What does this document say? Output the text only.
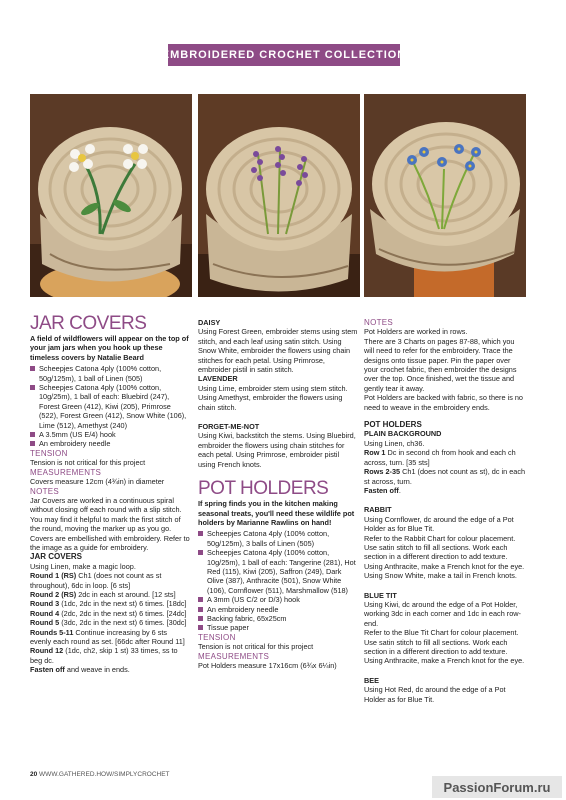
EMBROIDERED CROCHET COLLECTION

JAR COVERS

A field of wildflowers will appear on the top of your jam jars when you hook up these timeless covers by Natalie Beard

Scheepjes Catona 4ply (100% cotton, 50g/125m), 1 ball of Linen (505)

Scheepjes Catona 4ply (100% cotton, 10g/25m), 1 ball of each: Bluebird (247), Forest Green (412), Kiwi (205), Primrose (522), Forest Green (412), Snow White (106), Lime (512), Amethyst (240)

A 3.5mm (US E/4) hook

An embroidery needle

TENSION

Tension is not critical for this project

MEASUREMENTS

Covers measure 12cm (4¾in) in diameter

NOTES

Jar Covers are worked in a continuous spiral without closing off each round with a slip stitch. You may find it helpful to mark the first stitch of the round, moving the marker up as you go. Covers are embellished with embroidery. Refer to the image as a guide for embroidery.

JAR COVERS

Using Linen, make a magic loop.

Round 1 (RS) Ch1 (does not count as st throughout), 6dc in loop. [6 sts]

Round 2 (RS) 2dc in each st around. [12 sts]

Round 3 (1dc, 2dc in the next st) 6 times. [18dc]

Round 4 (2dc, 2dc in the next st) 6 times. [24dc]

Round 5 (3dc, 2dc in the next st) 6 times. [30dc]

Rounds 5-11 Continue increasing by 6 sts evenly each round as set. [66dc after Round 11]

Round 12 (1dc, ch2, skip 1 st) 33 times, ss to beg dc.

Fasten off and weave in ends.

DAISY

Using Forest Green, embroider stems using stem stitch, and each leaf using satin stitch. Using Snow White, embroider the flowers using chain stitches for each petal. Using Primrose, embroider pistil in satin stitch.

LAVENDER

Using Lime, embroider stem using stem stitch. Using Amethyst, embroider the flowers using chain stitch.

FORGET-ME-NOT

Using Kiwi, backstitch the stems. Using Bluebird, embroider the flowers using chain stitches for each petal. Using Primrose, embroider pistil using French knots.

POT HOLDERS

If spring finds you in the kitchen making seasonal treats, you'll need these wildlife pot holders by Marianne Rawlins on hand!

Scheepjes Catona 4ply (100% cotton, 50g/125m), 3 balls of Linen (505)

Scheepjes Catona 4ply (100% cotton, 10g/25m), 1 ball of each: Tangerine (281), Hot Red (115), Kiwi (205), Saffron (249), Dark Olive (387), Anthracite (501), Snow White (106), Cornflower (511), Marshmallow (518)

A 3mm (US C/2 or D/3) hook

An embroidery needle

Backing fabric, 65x25cm

Tissue paper

TENSION

Tension is not critical for this project

MEASUREMENTS

Pot Holders measure 17x16cm (6¾x 6¼in)

NOTES

Pot Holders are worked in rows.

There are 3 Charts on pages 87-88, which you will need to refer for the embroidery. Trace the designs onto tissue paper. Pin the paper over your crochet fabric, then embroider the designs over the top. Once finished, wet the tissue and gently tear it away.

Pot Holders are backed with fabric, so there is no need to weave in the embroidery ends.

POT HOLDERS

PLAIN BACKGROUND

Using Linen, ch36.

Row 1 Dc in second ch from hook and each ch across, turn. [35 sts]

Rows 2-35 Ch1 (does not count as st), dc in each st across, turn.

Fasten off.

RABBIT

Using Cornflower, dc around the edge of a Pot Holder as for Blue Tit.

Refer to the Rabbit Chart for colour placement. Use satin stitch to fill all sections. Work each section in a different direction to add texture.

Using Anthracite, make a French knot for the eye.

Using Snow White, make a tail in French knots.

BLUE TIT

Using Kiwi, dc around the edge of a Pot Holder, working 3dc in each corner and 1dc in each row-end.

Refer to the Blue Tit Chart for colour placement. Use satin stitch to fill all sections. Work each section in a different direction to add texture. Using Anthracite, make a French knot for the eye.

BEE

Using Hot Red, dc around the edge of a Pot Holder as for Blue Tit.

20 WWW.GATHERED.HOW/SIMPLYCROCHET
PassionForum.ru
